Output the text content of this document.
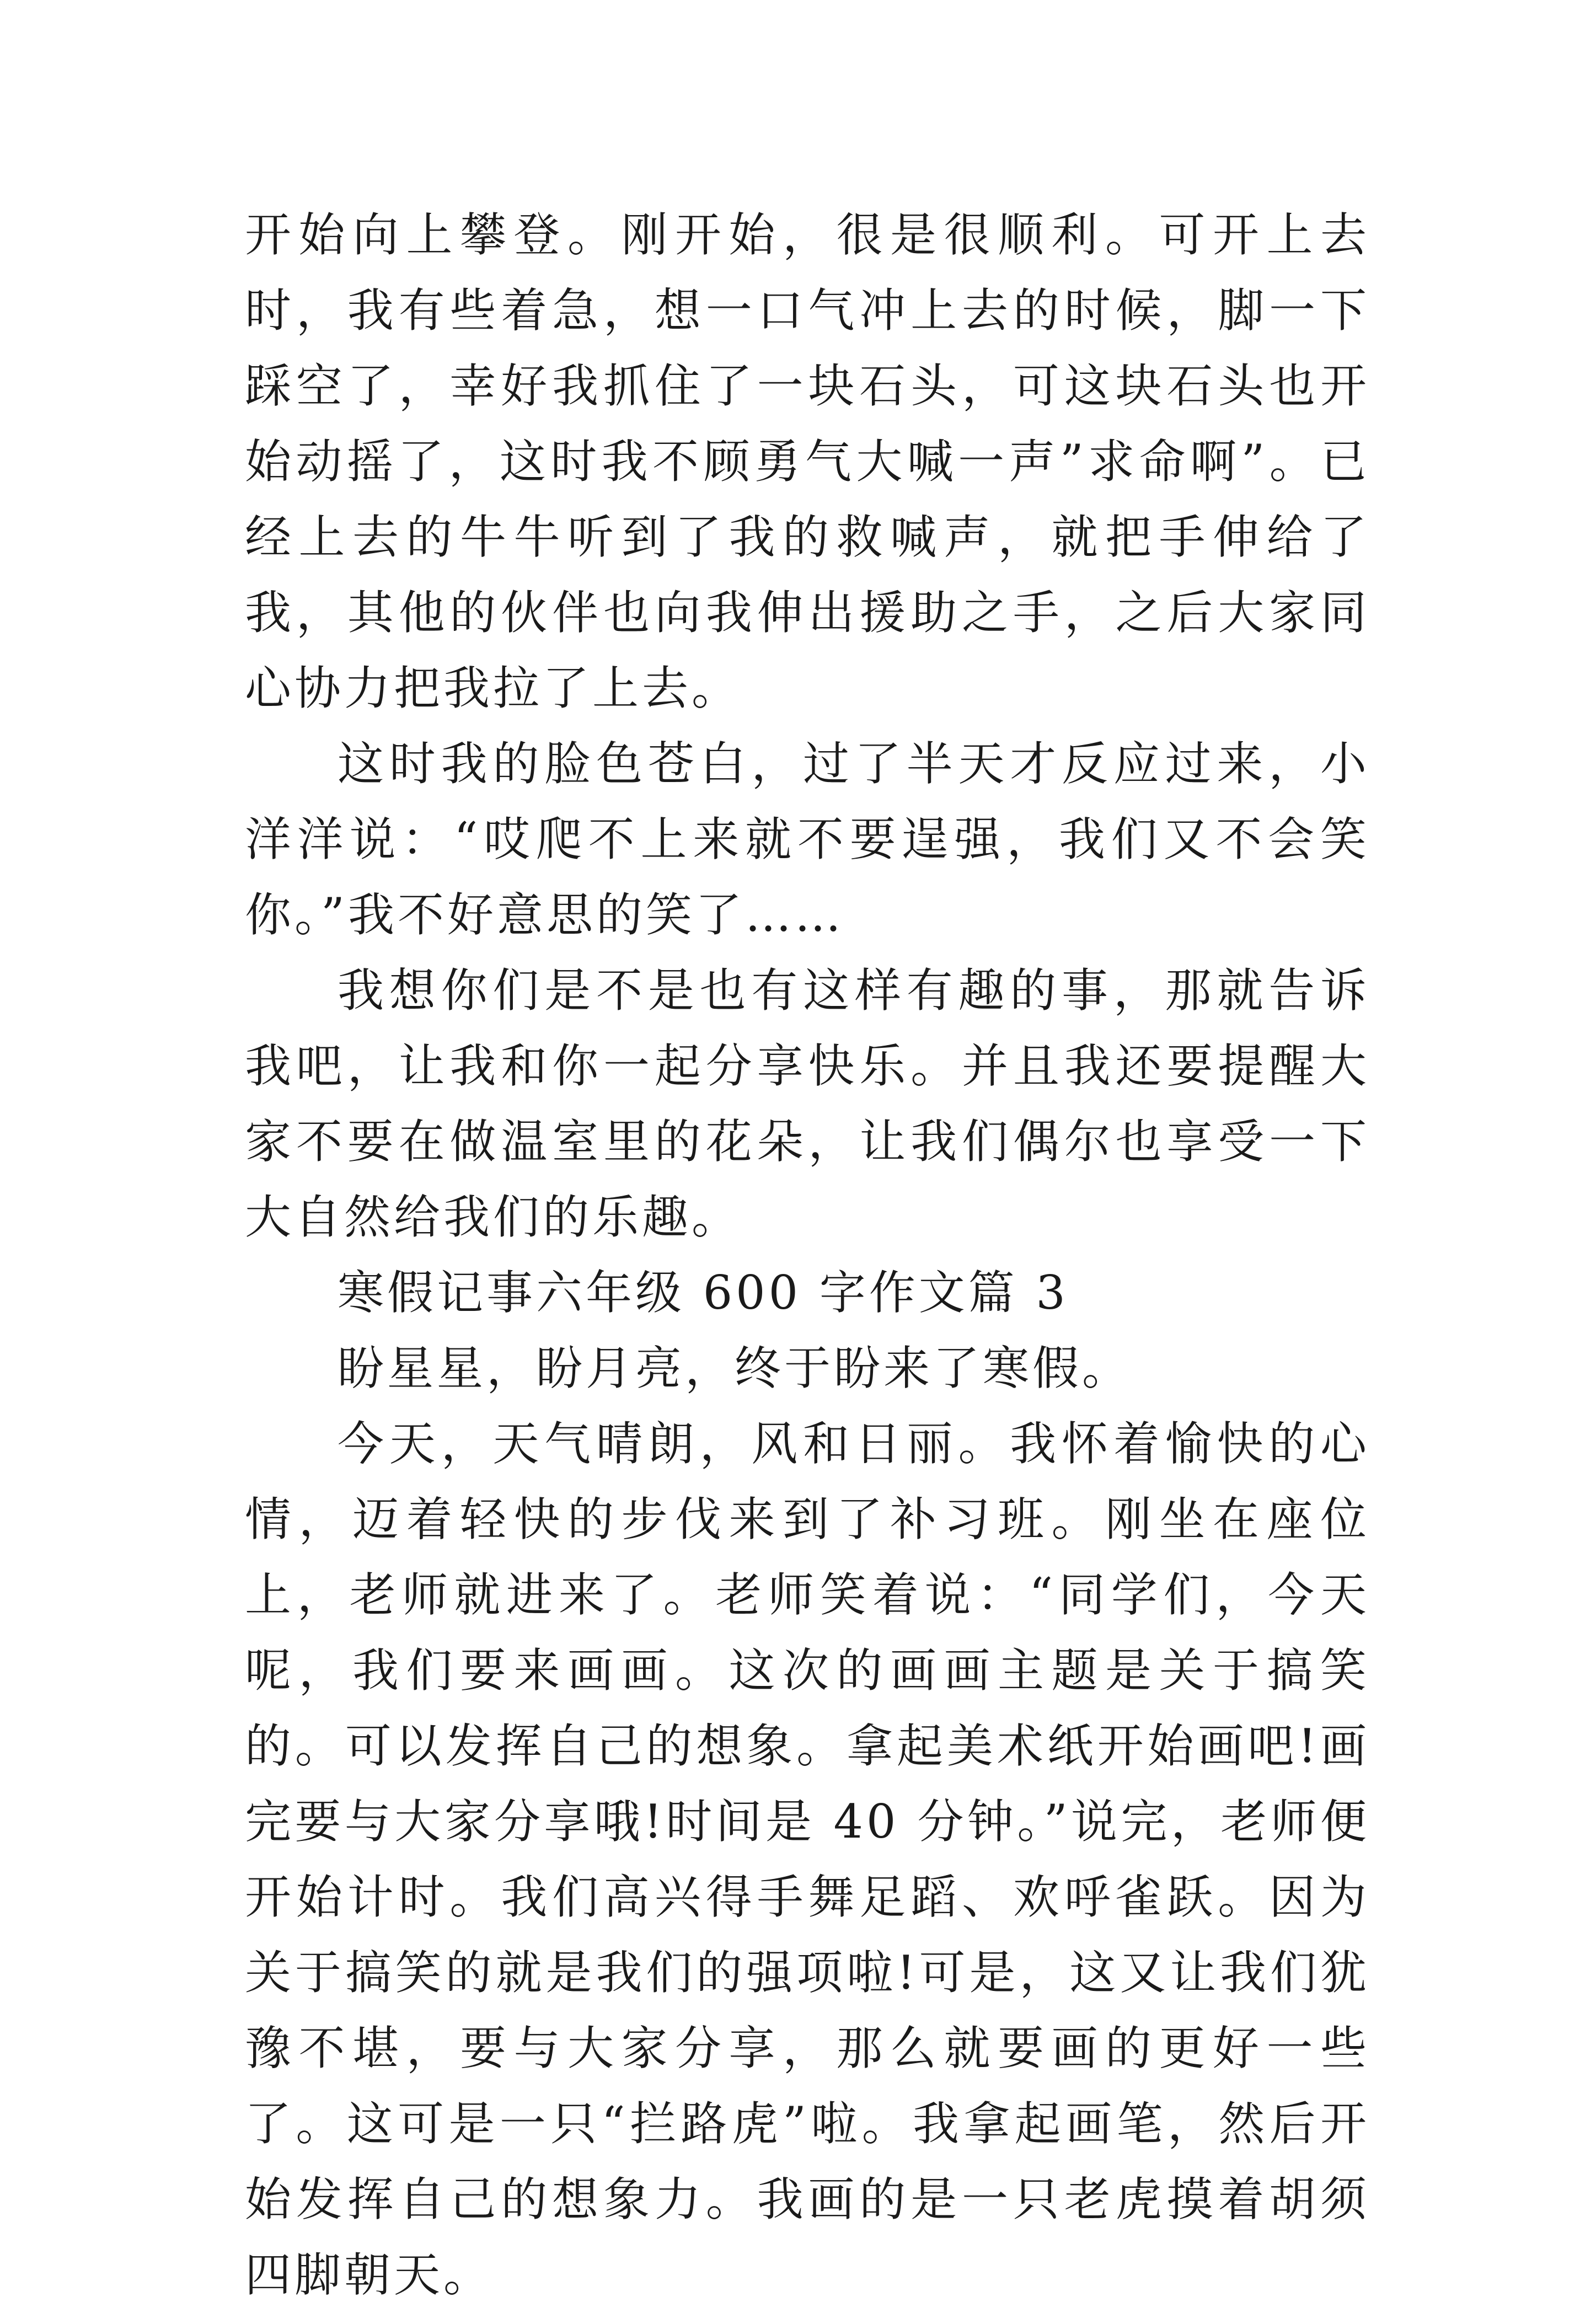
开始向上攀登。刚开始，很是很顺利。可开上去时，我有些着急，想一口气冲上去的时候，脚一下踩空了，幸好我抓住了一块石头，可这块石头也开始动摇了，这时我不顾勇气大喊一声”求命啊”。已经上去的牛牛听到了我的救喊声，就把手伸给了我，其他的伙伴也向我伸出援助之手，之后大家同心协力把我拉了上去。

这时我的脸色苍白，过了半天才反应过来，小洋洋说：“哎爬不上来就不要逞强，我们又不会笑你。”我不好意思的笑了……

我想你们是不是也有这样有趣的事，那就告诉我吧，让我和你一起分享快乐。并且我还要提醒大家不要在做温室里的花朵，让我们偶尔也享受一下大自然给我们的乐趣。

寒假记事六年级 600 字作文篇 3

盼星星，盼月亮，终于盼来了寒假。

今天，天气晴朗，风和日丽。我怀着愉快的心情，迈着轻快的步伐来到了补习班。刚坐在座位上，老师就进来了。老师笑着说：“同学们，今天呢，我们要来画画。这次的画画主题是关于搞笑的。可以发挥自己的想象。拿起美术纸开始画吧!画完要与大家分享哦!时间是 40 分钟。”说完，老师便开始计时。我们高兴得手舞足蹈、欢呼雀跃。因为关于搞笑的就是我们的强项啦!可是，这又让我们犹豫不堪，要与大家分享，那么就要画的更好一些了。这可是一只“拦路虎”啦。我拿起画笔，然后开始发挥自己的想象力。我画的是一只老虎摸着胡须四脚朝天。
